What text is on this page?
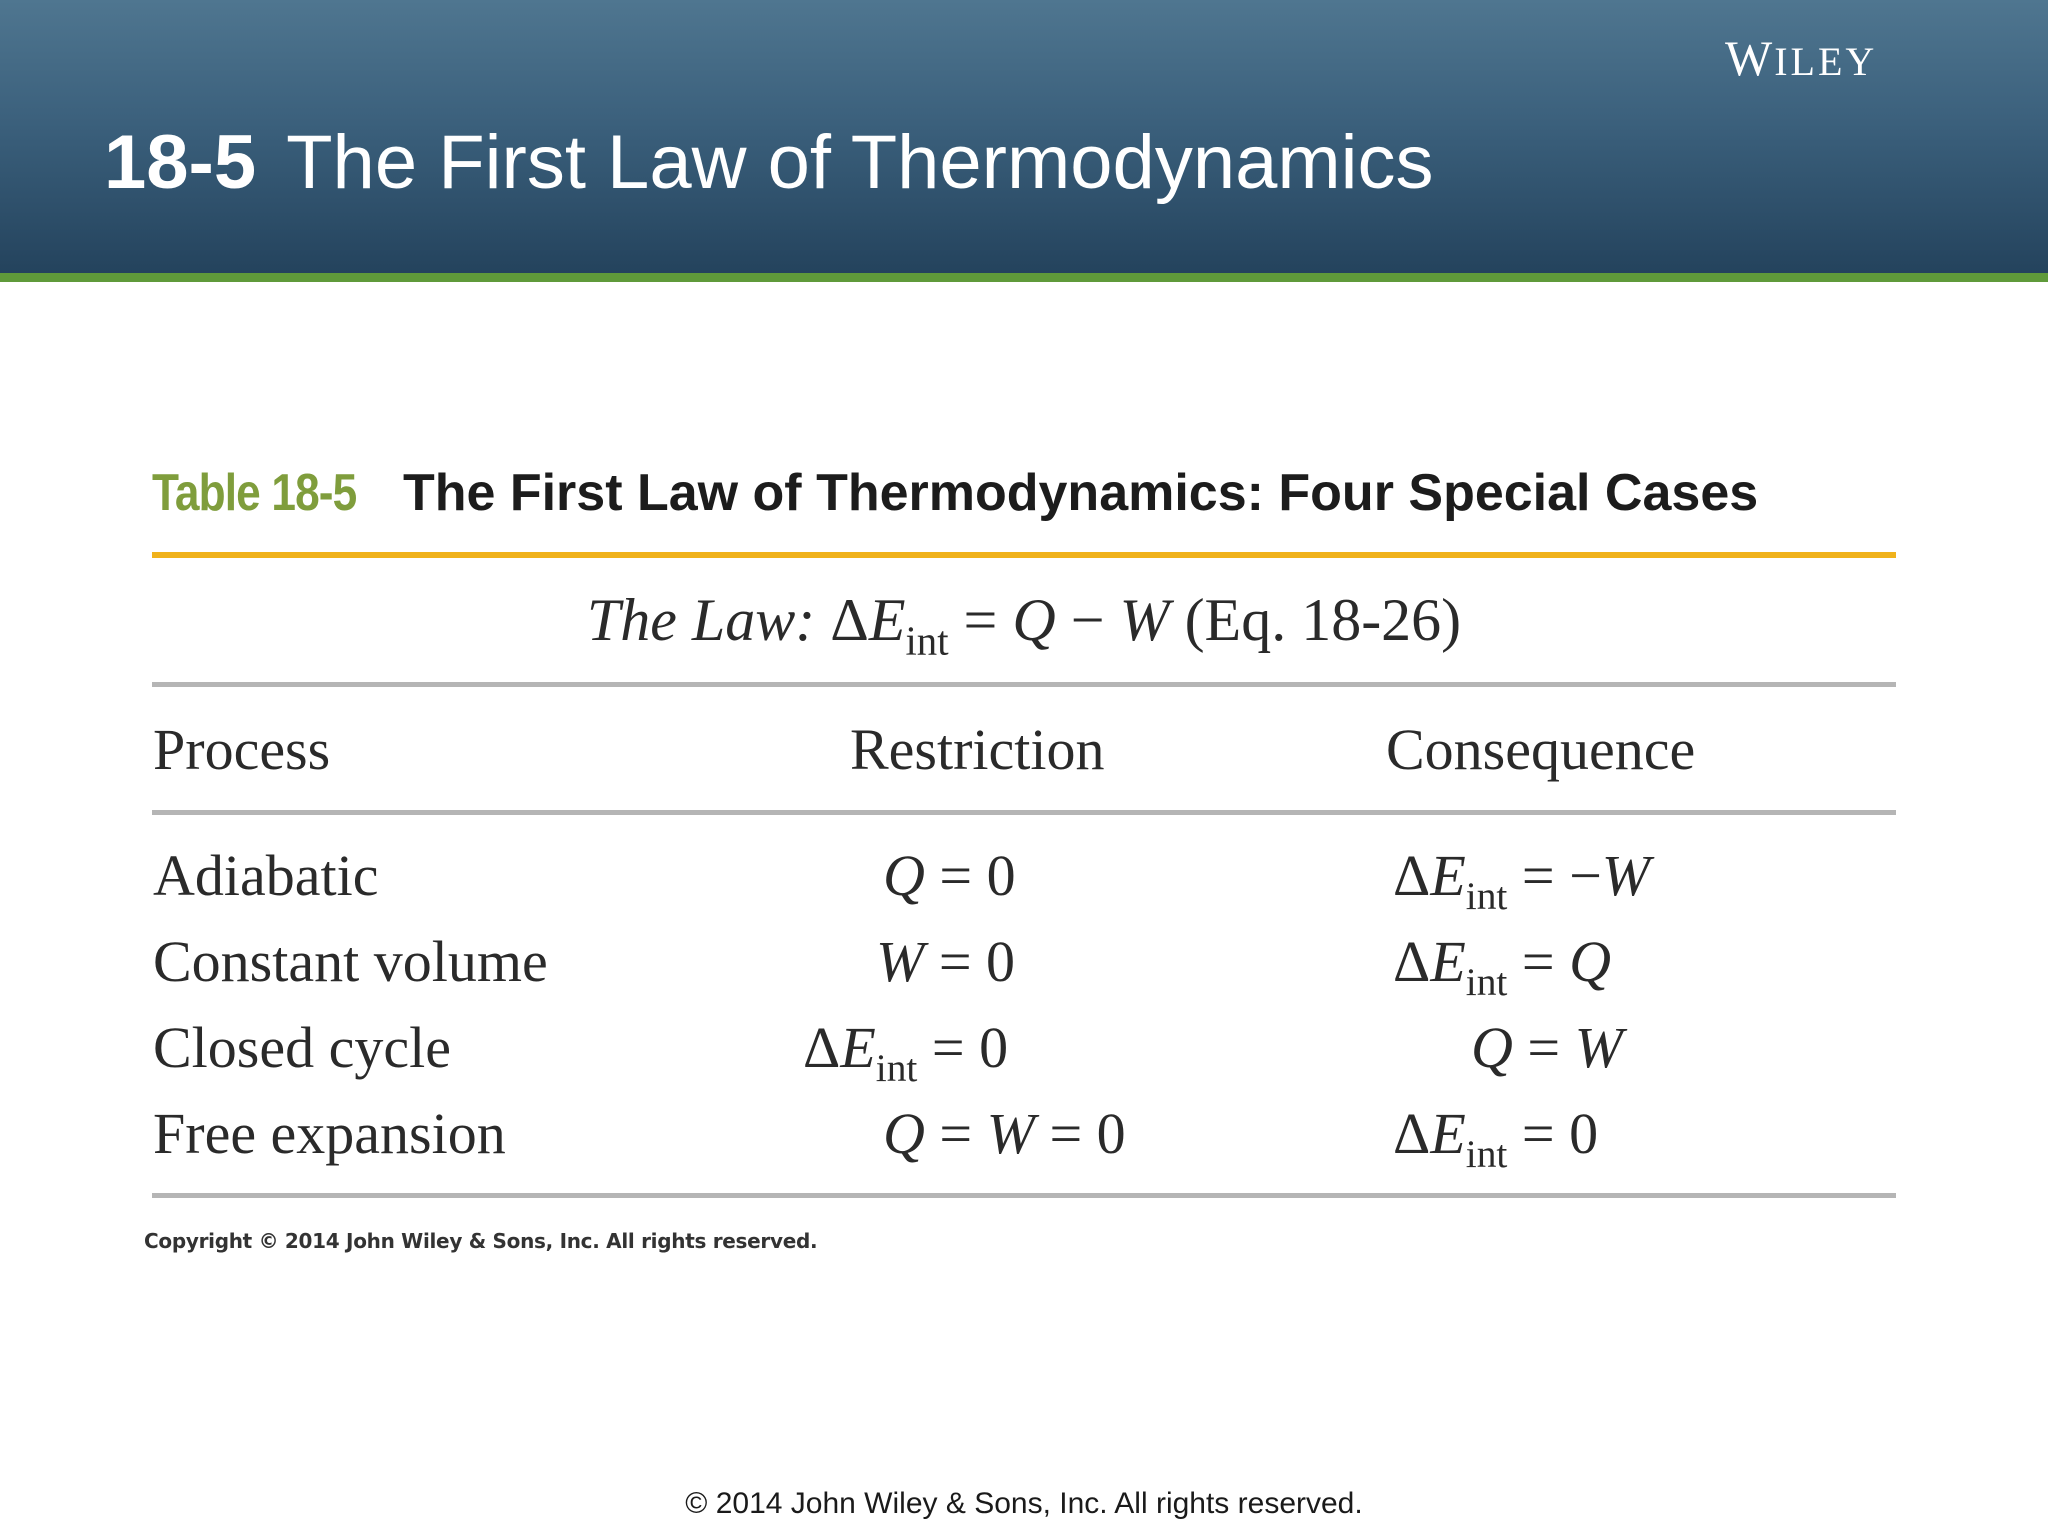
18-5 The First Law of Thermodynamics
WILEY
Table 18-5 The First Law of Thermodynamics: Four Special Cases
The Law: $\Delta E_{int} = Q - W$ (Eq. 18-26)
Process	Restriction	Consequence
Adiabatic	Q = 0	$\Delta E_{int} = -W$
Constant volume	W = 0	$\Delta E_{int} = Q$
Closed cycle	$\Delta E_{int} = 0$	Q = W
Free expansion	Q = W = 0	$\Delta E_{int} = 0$
Copyright © 2014 John Wiley & Sons, Inc. All rights reserved.
© 2014 John Wiley & Sons, Inc. All rights reserved.
